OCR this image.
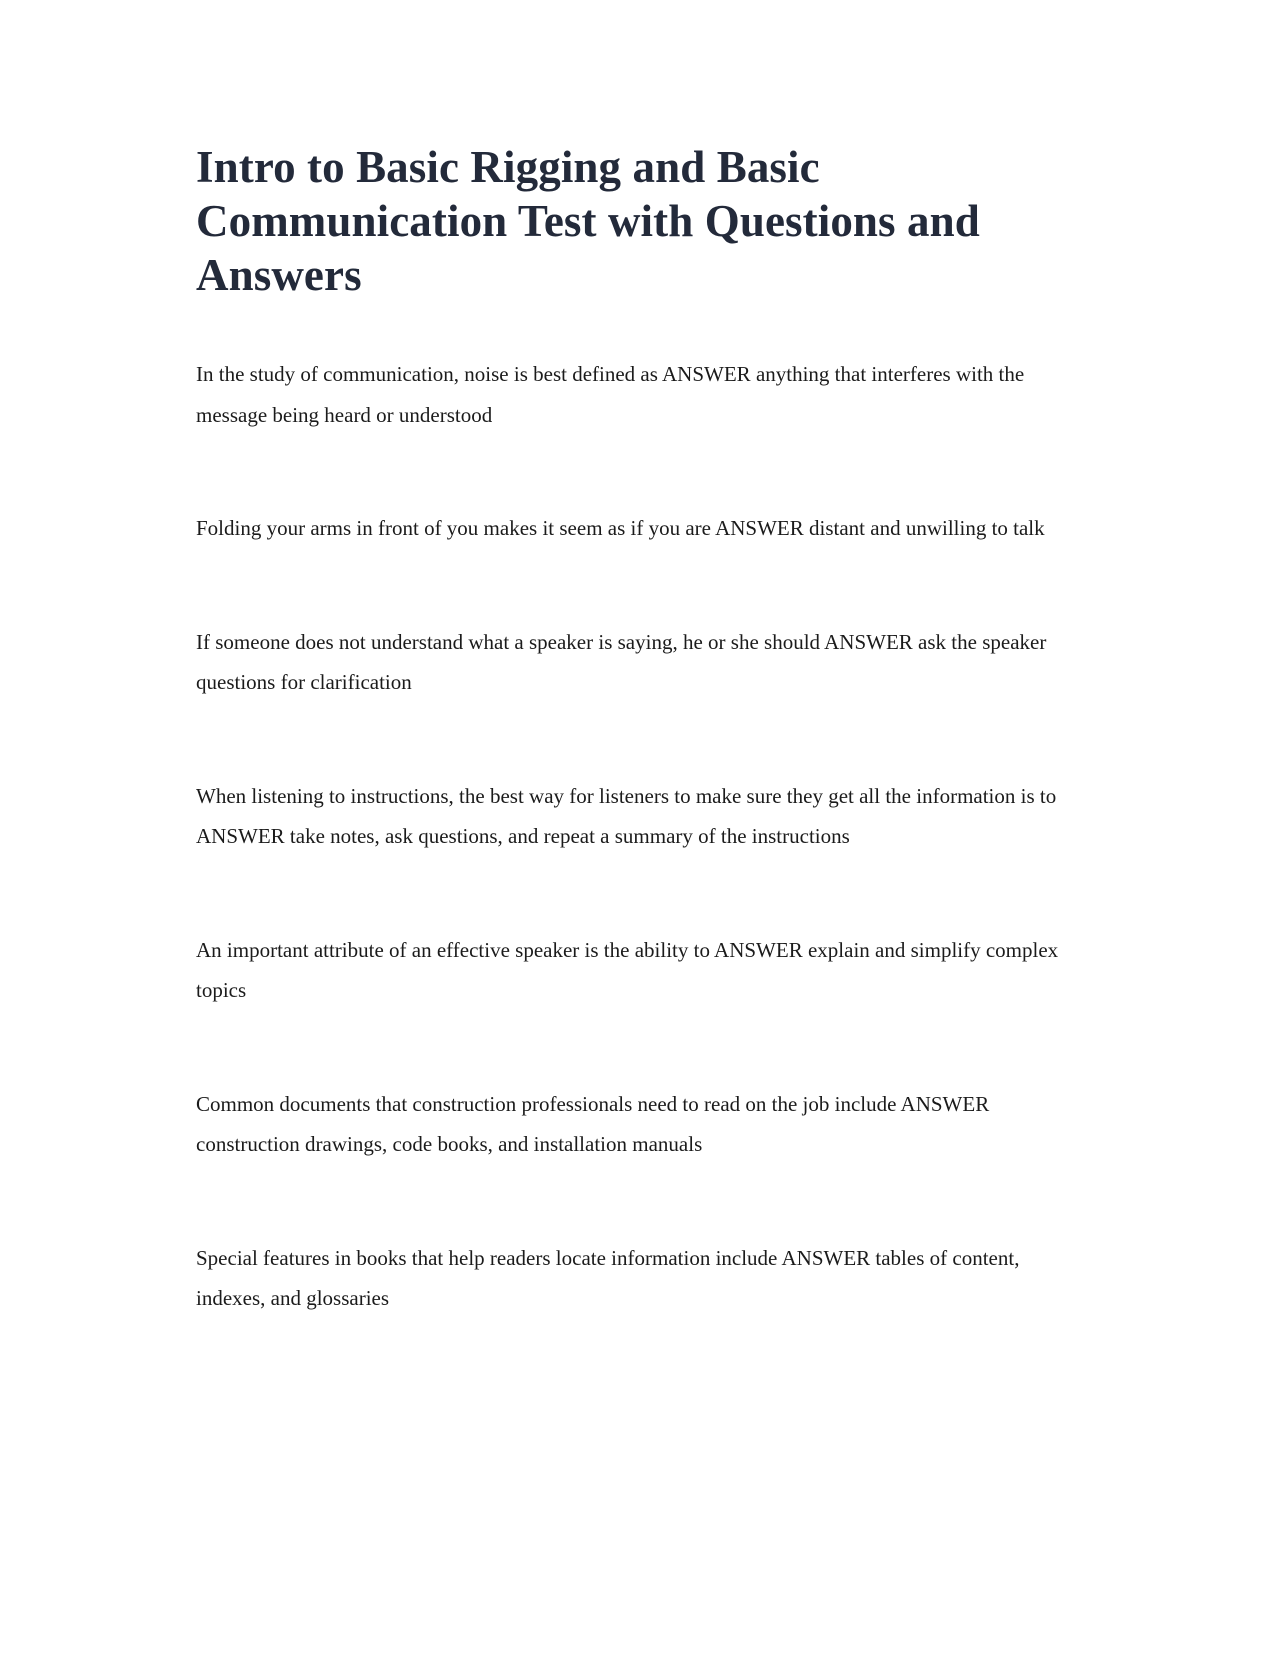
Intro to Basic Rigging and Basic Communication Test with Questions and Answers

In the study of communication, noise is best defined as ANSWER anything that interferes with the message being heard or understood

Folding your arms in front of you makes it seem as if you are ANSWER distant and unwilling to talk

If someone does not understand what a speaker is saying, he or she should ANSWER ask the speaker questions for clarification

When listening to instructions, the best way for listeners to make sure they get all the information is to ANSWER take notes, ask questions, and repeat a summary of the instructions

An important attribute of an effective speaker is the ability to ANSWER explain and simplify complex topics

Common documents that construction professionals need to read on the job include ANSWER construction drawings, code books, and installation manuals

Special features in books that help readers locate information include ANSWER tables of content, indexes, and glossaries
